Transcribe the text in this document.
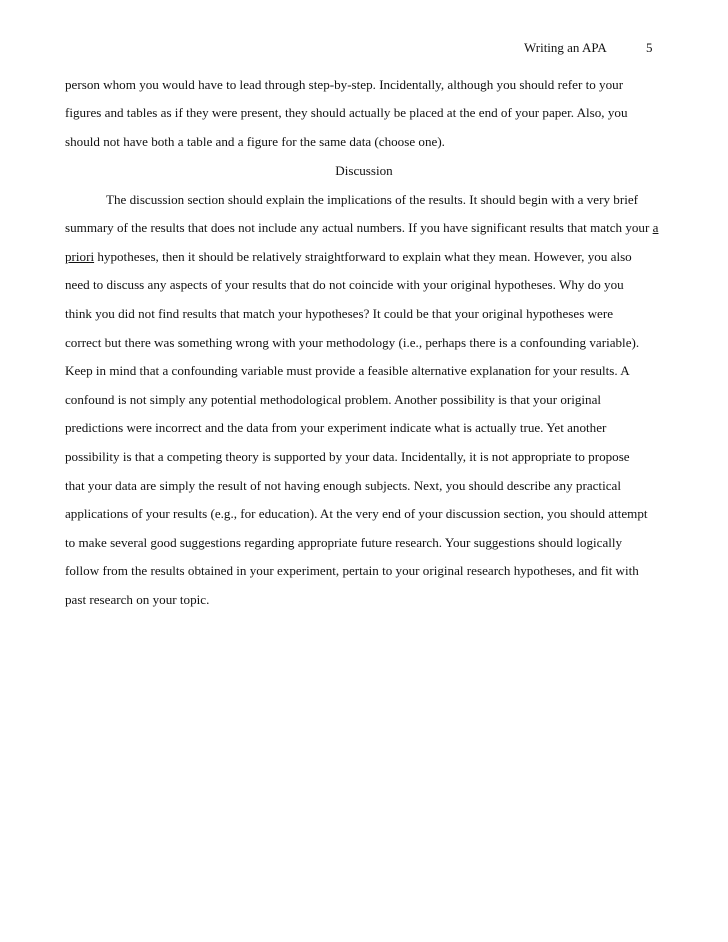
Writing an APA	5
person whom you would have to lead through step-by-step. Incidentally, although you should refer to your
figures and tables as if they were present, they should actually be placed at the end of your paper. Also, you
should not have both a table and a figure for the same data (choose one).
Discussion
The discussion section should explain the implications of the results. It should begin with a very brief
summary of the results that does not include any actual numbers. If you have significant results that match your a
priori hypotheses, then it should be relatively straightforward to explain what they mean. However, you also
need to discuss any aspects of your results that do not coincide with your original hypotheses. Why do you
think you did not find results that match your hypotheses? It could be that your original hypotheses were
correct but there was something wrong with your methodology (i.e., perhaps there is a confounding variable).
Keep in mind that a confounding variable must provide a feasible alternative explanation for your results. A
confound is not simply any potential methodological problem. Another possibility is that your original
predictions were incorrect and the data from your experiment indicate what is actually true. Yet another
possibility is that a competing theory is supported by your data. Incidentally, it is not appropriate to propose
that your data are simply the result of not having enough subjects. Next, you should describe any practical
applications of your results (e.g., for education). At the very end of your discussion section, you should attempt
to make several good suggestions regarding appropriate future research. Your suggestions should logically
follow from the results obtained in your experiment, pertain to your original research hypotheses, and fit with
past research on your topic.
